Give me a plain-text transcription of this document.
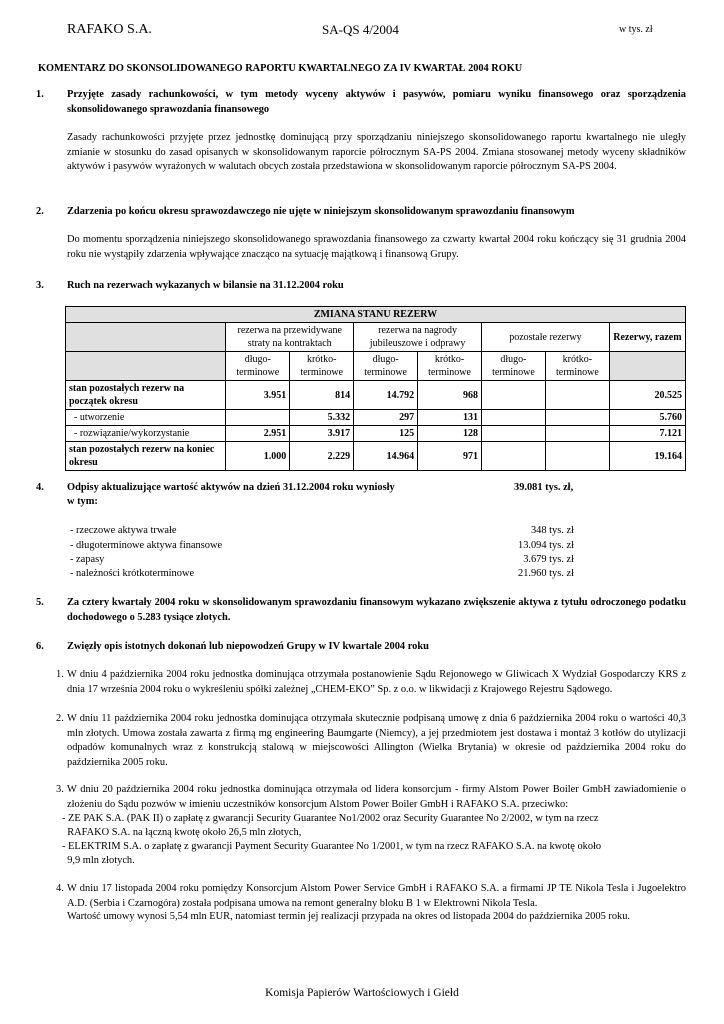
RAFAKO S.A.	SA-QS 4/2004	w tys. zł
KOMENTARZ DO SKONSOLIDOWANEGO RAPORTU KWARTALNEGO ZA IV KWARTAŁ 2004 ROKU
1. Przyjęte zasady rachunkowości, w tym metody wyceny aktywów i pasywów, pomiaru wyniku finansowego oraz sporządzenia skonsolidowanego sprawozdania finansowego
Zasady rachunkowości przyjęte przez jednostkę dominującą przy sporządzaniu niniejszego skonsolidowanego raportu kwartalnego nie uległy zmianie w stosunku do zasad opisanych w skonsolidowanym raporcie półrocznym SA-PS 2004. Zmiana stosowanej metody wyceny składników aktywów i pasywów wyrażonych w walutach obcych została przedstawiona w skonsolidowanym raporcie półrocznym SA-PS 2004.
2. Zdarzenia po końcu okresu sprawozdawczego nie ujęte w niniejszym skonsolidowanym sprawozdaniu finansowym
Do momentu sporządzenia niniejszego skonsolidowanego sprawozdania finansowego za czwarty kwartał 2004 roku kończący się 31 grudnia 2004 roku nie wystąpiły zdarzenia wpływające znacząco na sytuację majątkową i finansową Grupy.
3. Ruch na rezerwach wykazanych w bilansie na 31.12.2004 roku
ZMIANA STANU REZERW							
	rezerwa na przewidywane straty na kontraktach		rezerwa na nagrody jubileuszowe i odprawy		pozostałe rezerwy		Rezerwy, razem

	długo-terminowe	krótko-terminowe	długo-terminowe	krótko-terminowe	długo-terminowe	krótko-terminowe	
stan pozostałych rezerw na początek okresu	3.951	814	14.792	968			20.525
- utworzenie		5.332	297	131			5.760
- rozwiązanie/wykorzystanie	2.951	3.917	125	128			7.121
stan pozostałych rezerw na koniec okresu	1.000	2.229	14.964	971			19.164
4. Odpisy aktualizujące wartość aktywów na dzień 31.12.2004 roku wyniosły
w tym:
39.081 tys. zł,
- rzeczowe aktywa trwałe	348 tys. zł
- długoterminowe aktywa finansowe	13.094 tys. zł
- zapasy	3.679 tys. zł
- należności krótkoterminowe	21.960 tys. zł
5. Za cztery kwartały 2004 roku w skonsolidowanym sprawozdaniu finansowym wykazano zwiększenie aktywa z tytułu odroczonego podatku dochodowego o 5.283 tysiące złotych.
6. Zwięzły opis istotnych dokonań lub niepowodzeń Grupy w IV kwartale 2004 roku
1. W dniu 4 października 2004 roku jednostka dominująca otrzymała postanowienie Sądu Rejonowego w Gliwicach X Wydział Gospodarczy KRS z dnia 17 września 2004 roku o wykreśleniu spółki zależnej „CHEM-EKO” Sp. z o.o. w likwidacji z Krajowego Rejestru Sądowego.
2. W dniu 11 października 2004 roku jednostka dominująca otrzymała skutecznie podpisaną umowę z dnia 6 października 2004 roku o wartości 40,3 mln złotych. Umowa została zawarta z firmą mg engineering Baumgarte (Niemcy), a jej przedmiotem jest dostawa i montaż 3 kotłów do utylizacji odpadów komunalnych wraz z konstrukcją stalową w miejscowości Allington (Wielka Brytania) w okresie od października 2004 roku do października 2005 roku.
3. W dniu 20 października 2004 roku jednostka dominująca otrzymała od lidera konsorcjum - firmy Alstom Power Boiler GmbH zawiadomienie o złożeniu do Sądu pozwów w imieniu uczestników konsorcjum Alstom Power Boiler GmbH i RAFAKO S.A. przeciwko:
- ZE PAK S.A. (PAK II) o zapłatę z gwarancji Security Guarantee No1/2002 oraz Security Guarantee No 2/2002, w tym na rzecz
RAFAKO S.A. na łączną kwotę około 26,5 mln złotych,
- ELEKTRIM S.A. o zapłatę z gwarancji Payment Security Guarantee No 1/2001, w tym na rzecz RAFAKO S.A. na kwotę około
9,9 mln złotych.
4. W dniu 17 listopada 2004 roku pomiędzy Konsorcjum Alstom Power Service GmbH i RAFAKO S.A. a firmami JP TE Nikola Tesla i Jugoelektro A.D. (Serbia i Czarnogóra) została podpisana umowa na remont generalny bloku B 1 w Elektrowni Nikola Tesla.
Wartość umowy wynosi 5,54 mln EUR, natomiast termin jej realizacji przypada na okres od listopada 2004 do października 2005 roku.
Komisja Papierów Wartościowych i Giełd
